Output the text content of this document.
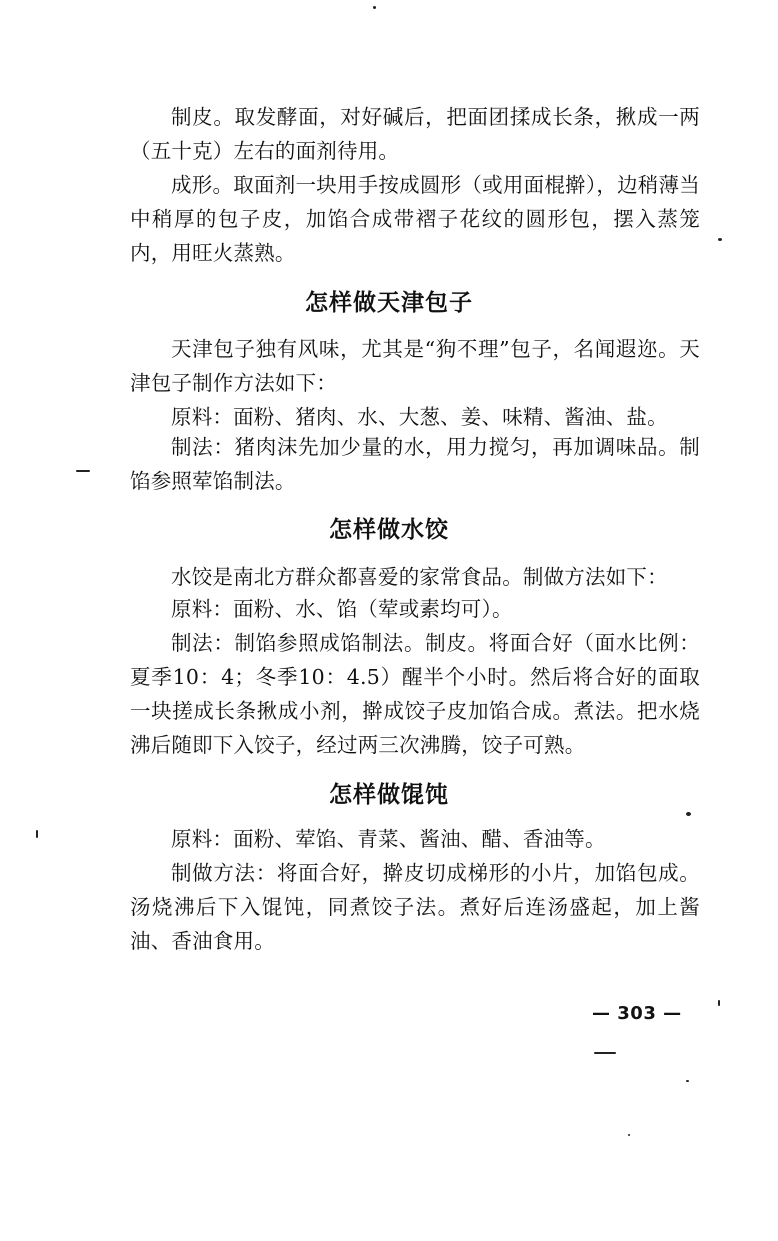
制皮。取发酵面，对好碱后，把面团揉成长条，揪成一两（五十克）左右的面剂待用。

成形。取面剂一块用手按成圆形（或用面棍擀），边稍薄当中稍厚的包子皮，加馅合成带褶子花纹的圆形包，摆入蒸笼内，用旺火蒸熟。

怎样做天津包子

天津包子独有风味，尤其是“狗不理”包子，名闻遐迩。天津包子制作方法如下：

原料：面粉、猪肉、水、大葱、姜、味精、酱油、盐。

制法：猪肉沫先加少量的水，用力搅匀，再加调味品。制馅参照荤馅制法。

怎样做水饺

水饺是南北方群众都喜爱的家常食品。制做方法如下：

原料：面粉、水、馅（荤或素均可）。

制法：制馅参照成馅制法。制皮。将面合好（面水比例：夏季10：4；冬季10：4.5）醒半个小时。然后将合好的面取一块搓成长条揪成小剂，擀成饺子皮加馅合成。煮法。把水烧沸后随即下入饺子，经过两三次沸腾，饺子可熟。

怎样做馄饨

原料：面粉、荤馅、青菜、酱油、醋、香油等。

制做方法：将面合好，擀皮切成梯形的小片，加馅包成。汤烧沸后下入馄饨，同煮饺子法。煮好后连汤盛起，加上酱油、香油食用。

— 303 —
